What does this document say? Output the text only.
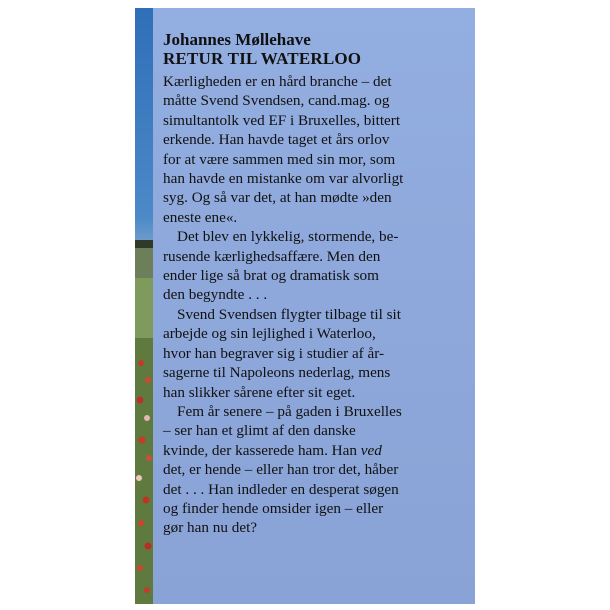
Johannes Møllehave
RETUR TIL WATERLOO
Kærligheden er en hård branche – det
måtte Svend Svendsen, cand.mag. og
simultantolk ved EF i Bruxelles, bittert
erkende. Han havde taget et års orlov
for at være sammen med sin mor, som
han havde en mistanke om var alvorligt
syg. Og så var det, at han mødte »den
eneste ene«.
Det blev en lykkelig, stormende, be-
rusende kærlighedsaffære. Men den
ender lige så brat og dramatisk som
den begyndte . . .
Svend Svendsen flygter tilbage til sit
arbejde og sin lejlighed i Waterloo,
hvor han begraver sig i studier af år-
sagerne til Napoleons nederlag, mens
han slikker sårene efter sit eget.
Fem år senere – på gaden i Bruxelles
– ser han et glimt af den danske
kvinde, der kasserede ham. Han ved
det, er hende – eller han tror det, håber
det . . . Han indleder en desperat søgen
og finder hende omsider igen – eller
gør han nu det?
